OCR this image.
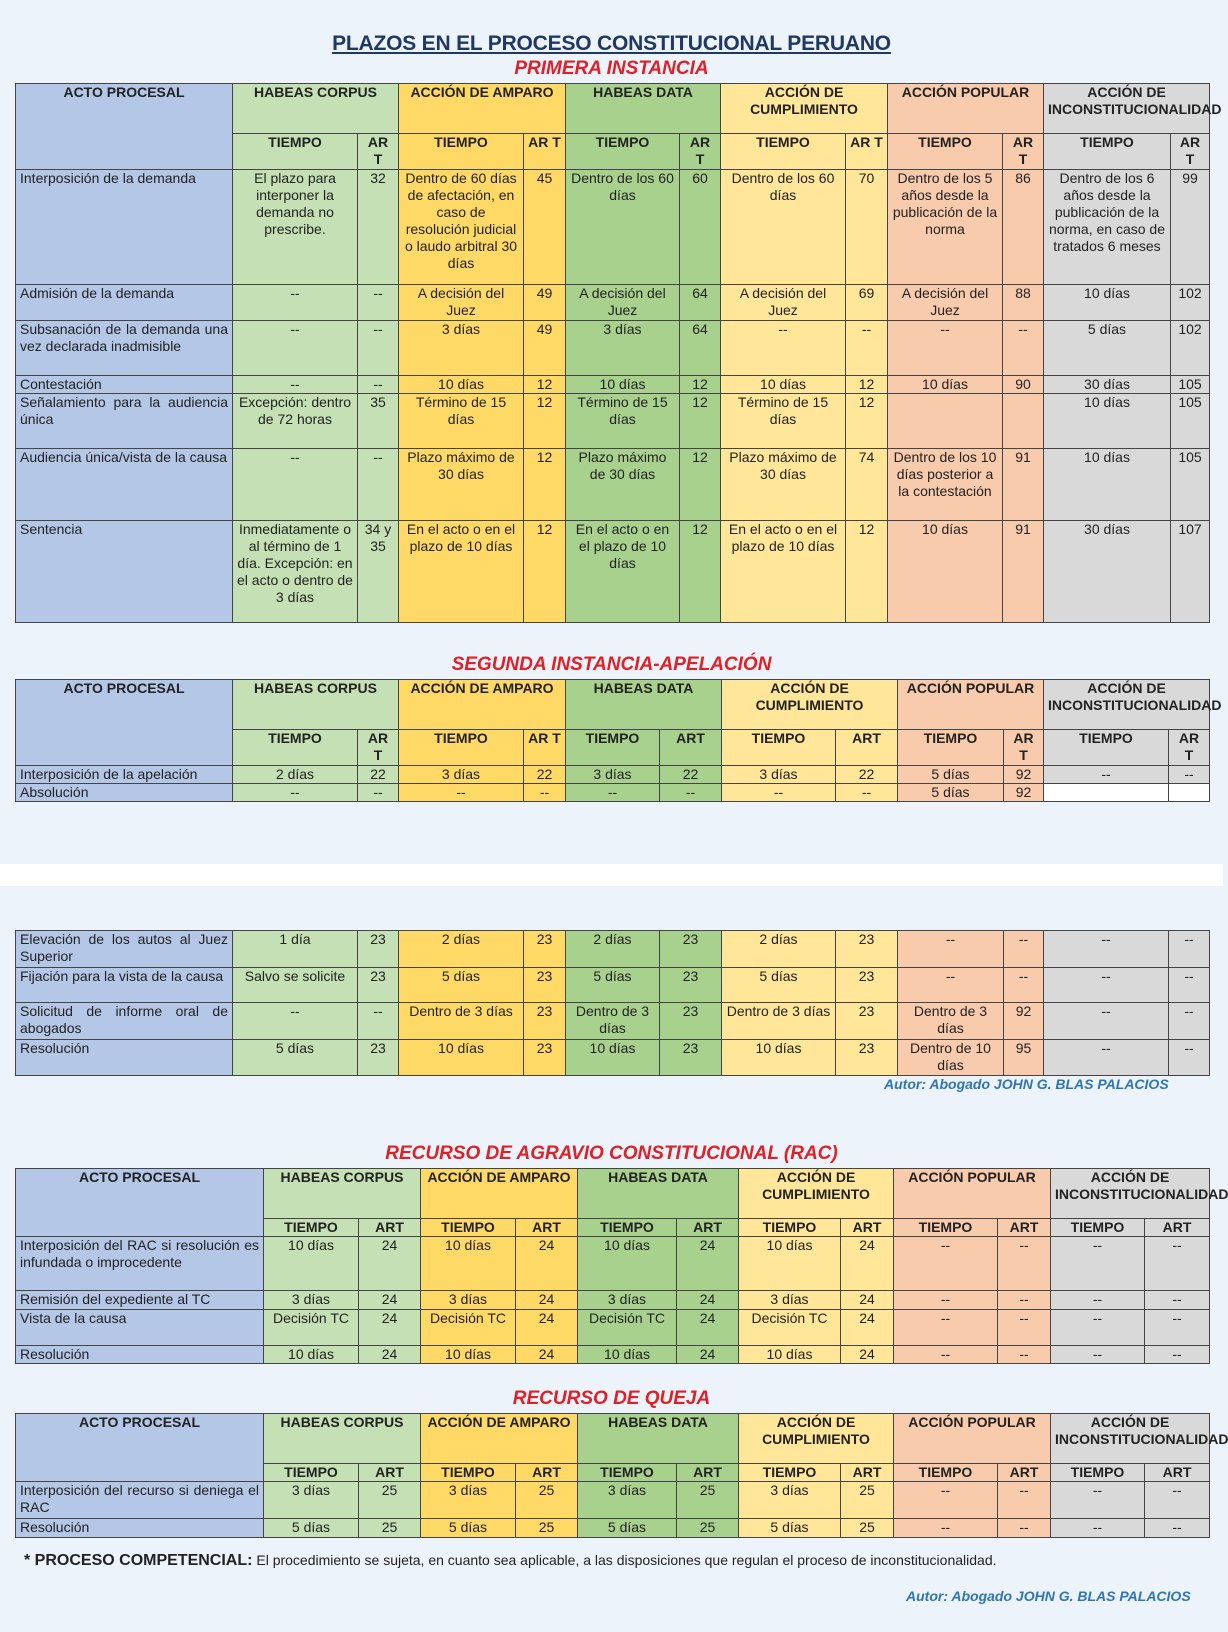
PLAZOS EN EL PROCESO CONSTITUCIONAL PERUANO
PRIMERA INSTANCIA
ACTO PROCESAL	HABEAS CORPUS		ACCIÓN DE AMPARO		HABEAS DATA		ACCIÓN DE CUMPLIMIENTO		ACCIÓN POPULAR		ACCIÓN DE INCONSTITUCIONALIDAD	
	TIEMPO	AR T	TIEMPO	AR T	TIEMPO	AR T	TIEMPO	AR T	TIEMPO	AR T	TIEMPO	AR T
Interposición de la demanda	El plazo para interponer la demanda no prescribe.	32	Dentro de 60 días de afectación, en caso de resolución judicial o laudo arbitral 30 días	45	Dentro de los 60 días	60	Dentro de los 60 días	70	Dentro de los 5 años desde la publicación de la norma	86	Dentro de los 6 años desde la publicación de la norma, en caso de tratados 6 meses	99
Admisión de la demanda	--	--	A decisión del Juez	49	A decisión del Juez	64	A decisión del Juez	69	A decisión del Juez	88	10 días	102
Subsanación de la demanda una vez declarada inadmisible	--	--	3 días	49	3 días	64	--	--	--	--	5 días	102
Contestación	--	--	10 días	12	10 días	12	10 días	12	10 días	90	30 días	105
Señalamiento para la audiencia única	Excepción: dentro de 72 horas	35	Término de 15 días	12	Término de 15 días	12	Término de 15 días	12			10 días	105
Audiencia única/vista de la causa	--	--	Plazo máximo de 30 días	12	Plazo máximo de 30 días	12	Plazo máximo de 30 días	74	Dentro de los 10 días posterior a la contestación	91	10 días	105
Sentencia	Inmediatamente o al término de 1 día. Excepción: en el acto o dentro de 3 días	34 y 35	En el acto o en el plazo de 10 días	12	En el acto o en el plazo de 10 días	12	En el acto o en el plazo de 10 días	12	10 días	91	30 días	107
SEGUNDA INSTANCIA-APELACIÓN
ACTO PROCESAL	HABEAS CORPUS		ACCIÓN DE AMPARO		HABEAS DATA		ACCIÓN DE CUMPLIMIENTO		ACCIÓN POPULAR		ACCIÓN DE INCONSTITUCIONALIDAD	
	TIEMPO	AR T	TIEMPO	AR T	TIEMPO	ART	TIEMPO	ART	TIEMPO	AR T	TIEMPO	AR T
Interposición de la apelación	2 días	22	3 días	22	3 días	22	3 días	22	5 días	92	--	--
Absolución	--	--	--	--	--	--	--	--	5 días	92		
Elevación de los autos al Juez Superior	1 día	23	2 días	23	2 días	23	2 días	23	--	--	--	--
Fijación para la vista de la causa	Salvo se solicite	23	5 días	23	5 días	23	5 días	23	--	--	--	--
Solicitud de informe oral de abogados	--	--	Dentro de 3 días	23	Dentro de 3 días	23	Dentro de 3 días	23	Dentro de 3 días	92	--	--
Resolución	5 días	23	10 días	23	10 días	23	10 días	23	Dentro de 10 días	95	--	--
Autor: Abogado JOHN G. BLAS PALACIOS
RECURSO DE AGRAVIO CONSTITUCIONAL (RAC)
ACTO PROCESAL	HABEAS CORPUS		ACCIÓN DE AMPARO		HABEAS DATA		ACCIÓN DE CUMPLIMIENTO		ACCIÓN POPULAR		ACCIÓN DE INCONSTITUCIONALIDAD	
	TIEMPO	ART	TIEMPO	ART	TIEMPO	ART	TIEMPO	ART	TIEMPO	ART	TIEMPO	ART
Interposición del RAC si resolución es infundada o improcedente	10 días	24	10 días	24	10 días	24	10 días	24	--	--	--	--
Remisión del expediente al TC	3 días	24	3 días	24	3 días	24	3 días	24	--	--	--	--
Vista de la causa	Decisión TC	24	Decisión TC	24	Decisión TC	24	Decisión TC	24	--	--	--	--
Resolución	10 días	24	10 días	24	10 días	24	10 días	24	--	--	--	--
RECURSO DE QUEJA
ACTO PROCESAL	HABEAS CORPUS		ACCIÓN DE AMPARO		HABEAS DATA		ACCIÓN DE CUMPLIMIENTO		ACCIÓN POPULAR		ACCIÓN DE INCONSTITUCIONALIDAD	
	TIEMPO	ART	TIEMPO	ART	TIEMPO	ART	TIEMPO	ART	TIEMPO	ART	TIEMPO	ART
Interposición del recurso si deniega el RAC	3 días	25	3 días	25	3 días	25	3 días	25	--	--	--	--
Resolución	5 días	25	5 días	25	5 días	25	5 días	25	--	--	--	--
* PROCESO COMPETENCIAL: El procedimiento se sujeta, en cuanto sea aplicable, a las disposiciones que regulan el proceso de inconstitucionalidad.
Autor: Abogado JOHN G. BLAS PALACIOS
